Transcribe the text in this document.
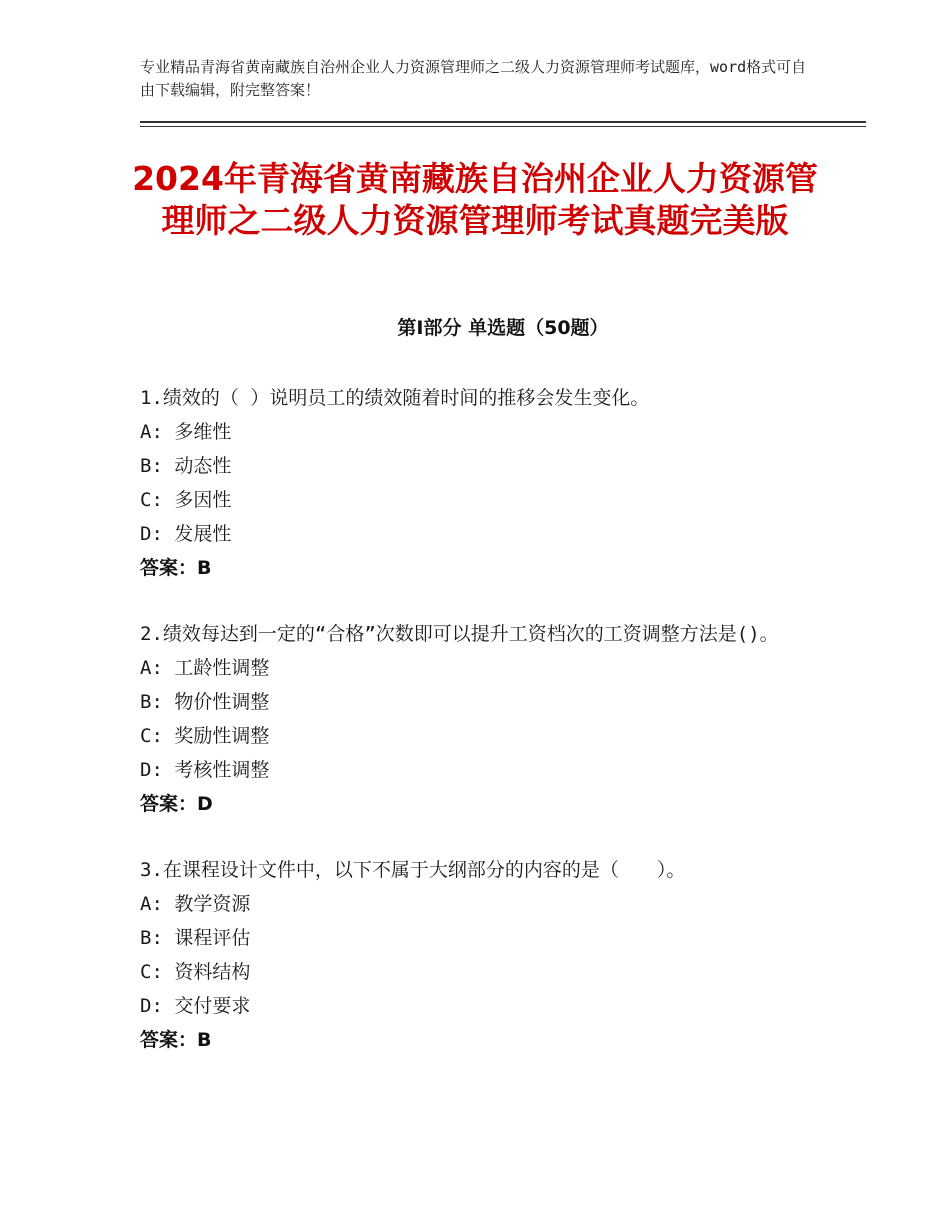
专业精品青海省黄南藏族自治州企业人力资源管理师之二级人力资源管理师考试题库，word格式可自由下载编辑，附完整答案！
2024年青海省黄南藏族自治州企业人力资源管理师之二级人力资源管理师考试真题完美版
第Ⅰ部分 单选题（50题）
1.绩效的（ ）说明员工的绩效随着时间的推移会发生变化。
A: 多维性
B: 动态性
C: 多因性
D: 发展性
答案：B
2.绩效每达到一定的“合格”次数即可以提升工资档次的工资调整方法是()。
A: 工龄性调整
B: 物价性调整
C: 奖励性调整
D: 考核性调整
答案：D
3.在课程设计文件中，以下不属于大纲部分的内容的是（　　）。
A: 教学资源
B: 课程评估
C: 资料结构
D: 交付要求
答案：B
